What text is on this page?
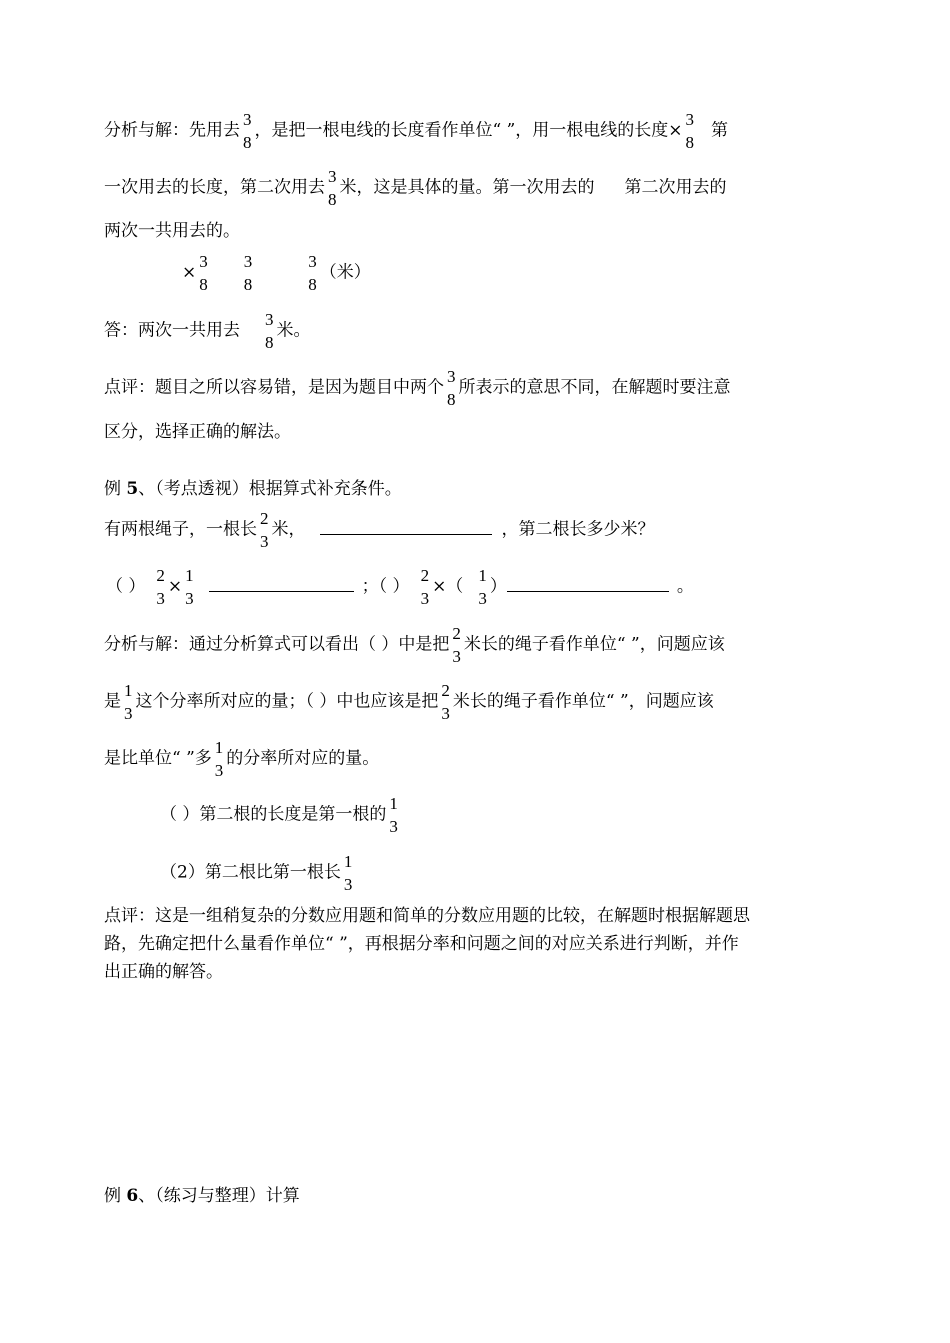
分析与解：先用去
3
8
，是把一根电线的长度看作单位“ ”，用一根电线的长度×
3
8
第
一次用去的长度，第二次用去
3
8
米，这是具体的量。第一次用去的 第二次用去的
两次一共用去的。
×
3
8
3
8
3
8
（米）
答：两次一共用去
3
8
米。
点评：题目之所以容易错，是因为题目中两个
3
8
所表示的意思不同，在解题时要注意
区分，选择正确的解法。
例 5、（考点透视）根据算式补充条件。
有两根绳子，一根长
2
3
米，	，第二根长多少米？
（ ）
2
3
×
1
3
；（ ）
2
3
×（
1
3
）	。
分析与解：通过分析算式可以看出（ ）中是把
2
3
米长的绳子看作单位“ ”，问题应该
是
1
3
这个分率所对应的量；（ ）中也应该是把
2
3
米长的绳子看作单位“ ”，问题应该
是比单位“ ”多
1
3
的分率所对应的量。
（ ）第二根的长度是第一根的
1
3
（2）第二根比第一根长
1
3
点评：这是一组稍复杂的分数应用题和简单的分数应用题的比较，在解题时根据解题思
路，先确定把什么量看作单位“ ”，再根据分率和问题之间的对应关系进行判断，并作
出正确的解答。
例 6、（练习与整理）计算
